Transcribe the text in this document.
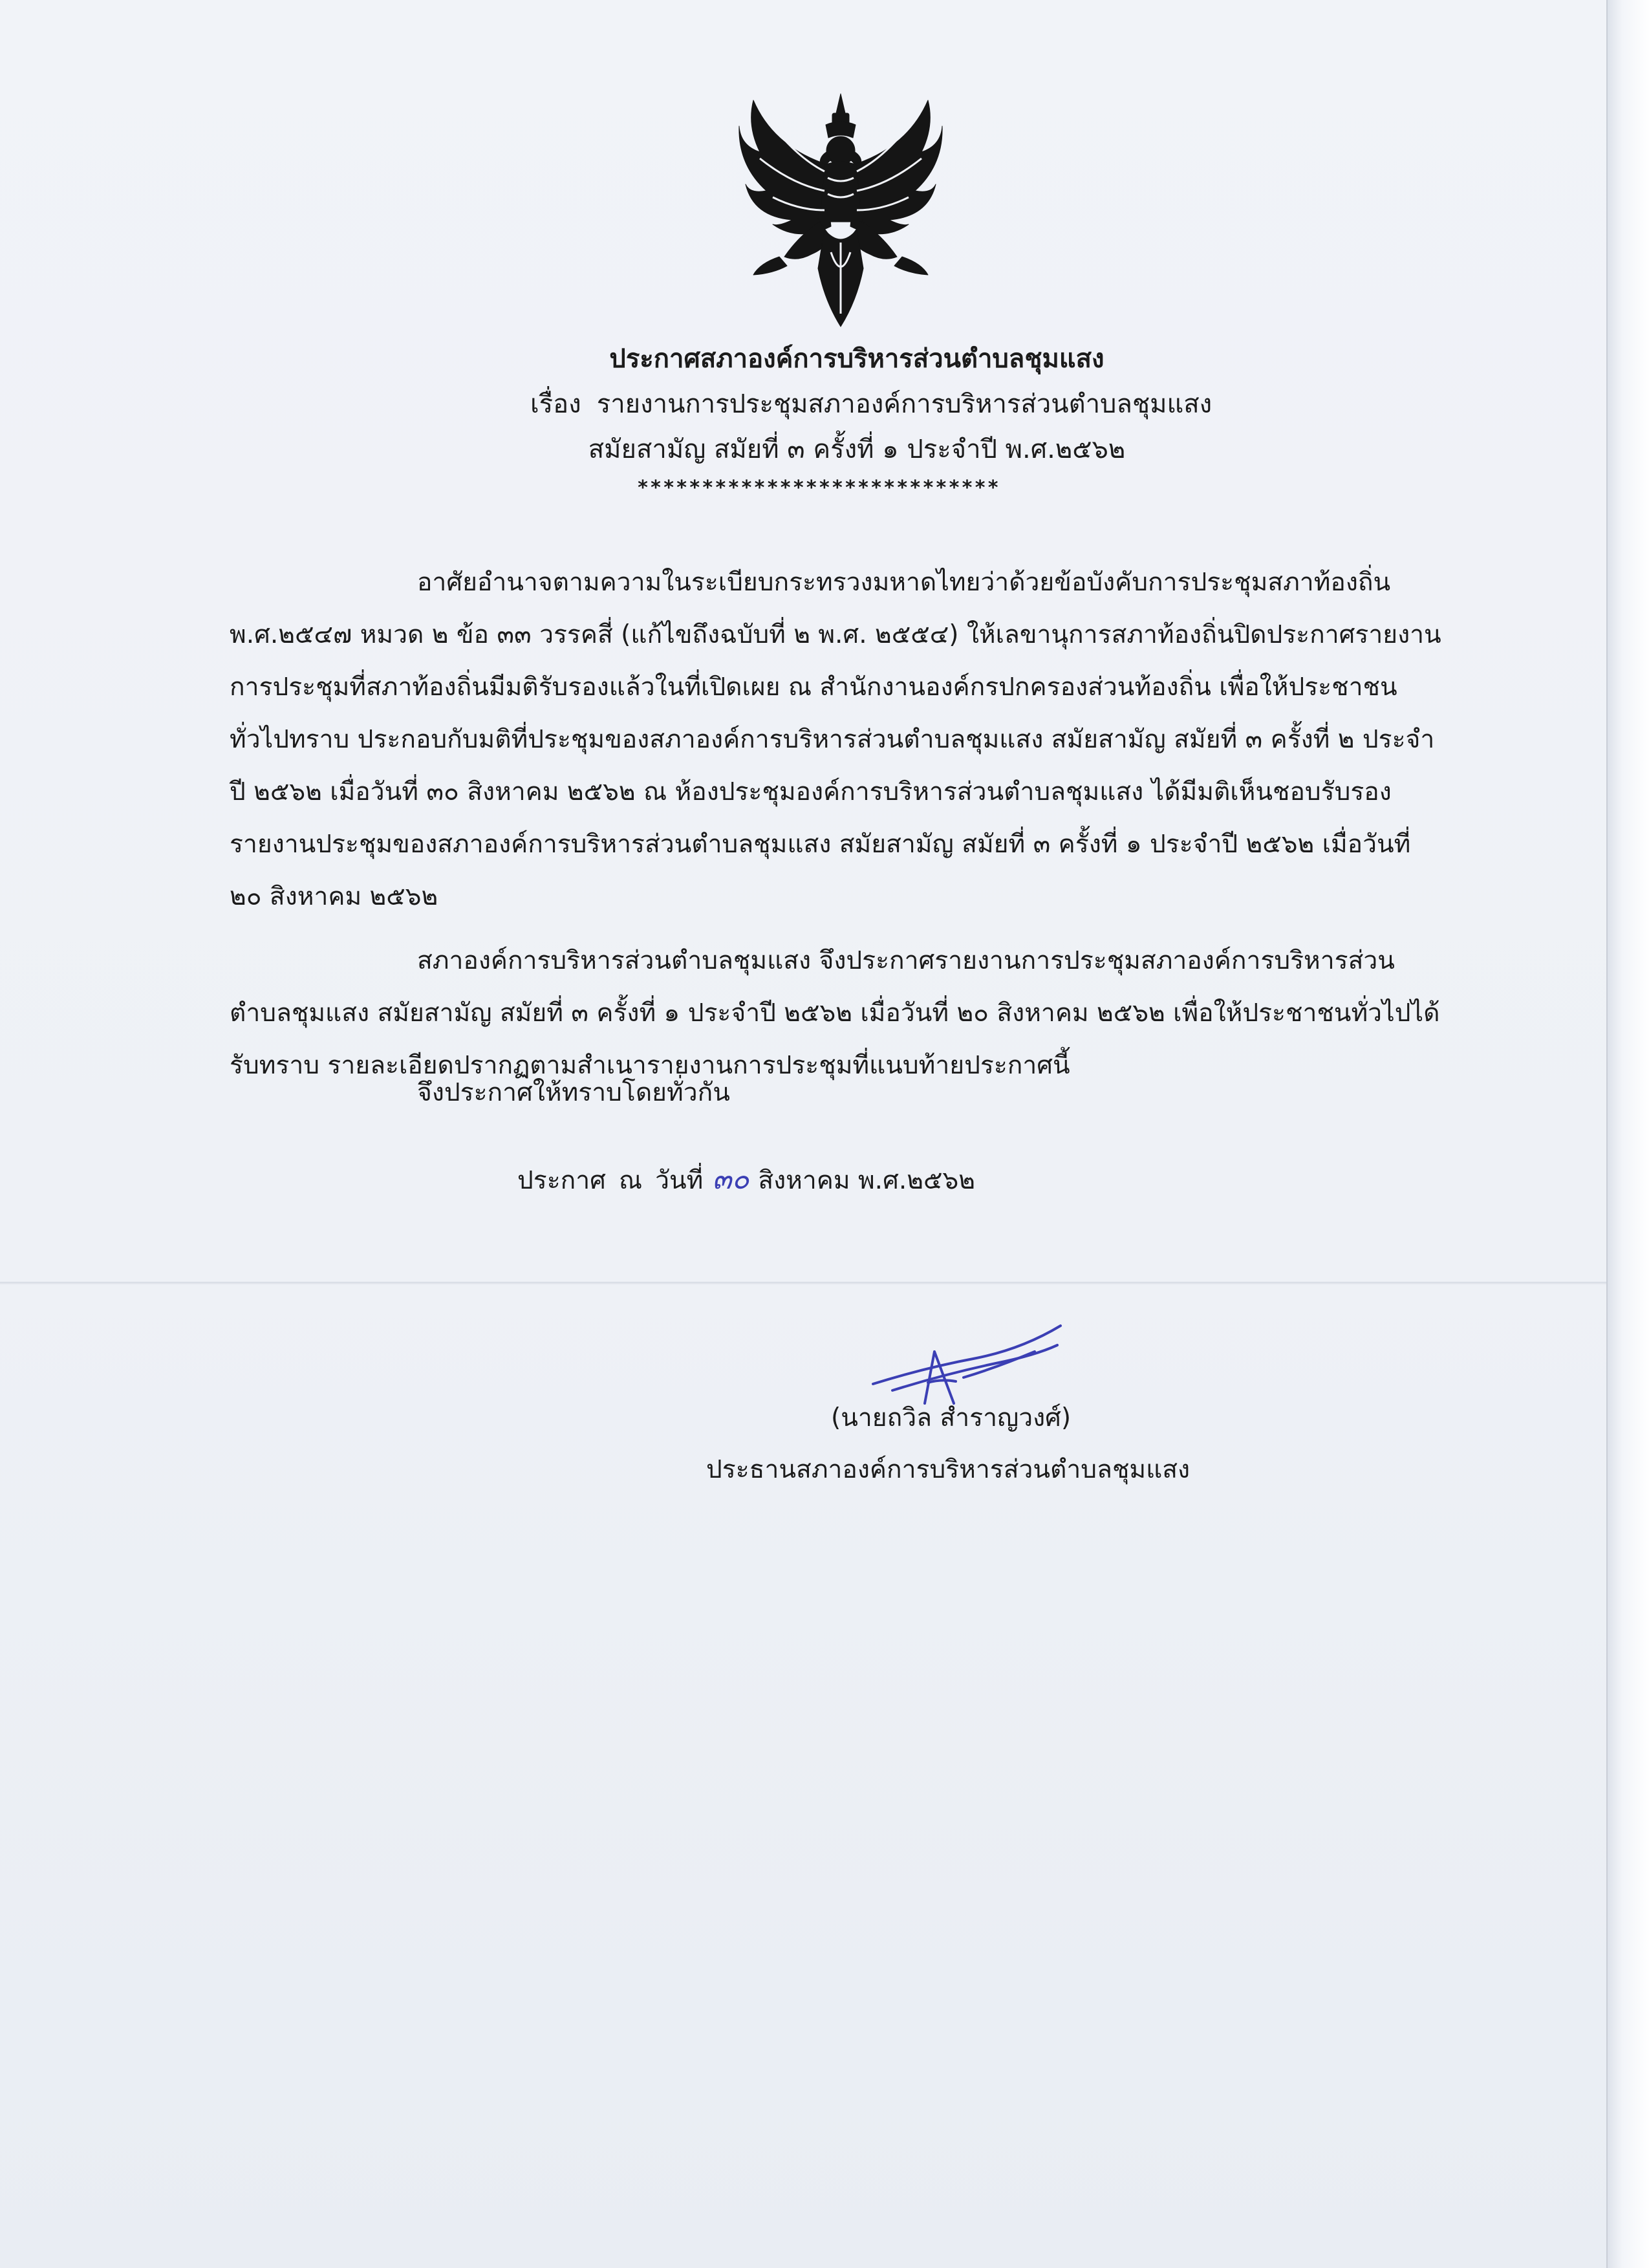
ประกาศสภาองค์การบริหารส่วนตำบลชุมแสง
เรื่อง รายงานการประชุมสภาองค์การบริหารส่วนตำบลชุมแสง
สมัยสามัญ สมัยที่ ๓ ครั้งที่ ๑ ประจำปี พ.ศ.๒๕๖๒
****************************

อาศัยอำนาจตามความในระเบียบกระทรวงมหาดไทยว่าด้วยข้อบังคับการประชุมสภาท้องถิ่น พ.ศ.๒๕๔๗ หมวด ๒ ข้อ ๓๓ วรรคสี่ (แก้ไขถึงฉบับที่ ๒ พ.ศ. ๒๕๕๔) ให้เลขานุการสภาท้องถิ่นปิดประกาศรายงานการประชุมที่สภาท้องถิ่นมีมติรับรองแล้วในที่เปิดเผย ณ สำนักงานองค์กรปกครองส่วนท้องถิ่น เพื่อให้ประชาชนทั่วไปทราบ ประกอบกับมติที่ประชุมของสภาองค์การบริหารส่วนตำบลชุมแสง สมัยสามัญ สมัยที่ ๓ ครั้งที่ ๒ ประจำปี ๒๕๖๒ เมื่อวันที่ ๓๐ สิงหาคม ๒๕๖๒ ณ ห้องประชุมองค์การบริหารส่วนตำบลชุมแสง ได้มีมติเห็นชอบรับรองรายงานประชุมของสภาองค์การบริหารส่วนตำบลชุมแสง สมัยสามัญ สมัยที่ ๓ ครั้งที่ ๑ ประจำปี ๒๕๖๒ เมื่อวันที่ ๒๐ สิงหาคม ๒๕๖๒

สภาองค์การบริหารส่วนตำบลชุมแสง จึงประกาศรายงานการประชุมสภาองค์การบริหารส่วนตำบลชุมแสง สมัยสามัญ สมัยที่ ๓ ครั้งที่ ๑ ประจำปี ๒๕๖๒ เมื่อวันที่ ๒๐ สิงหาคม ๒๕๖๒ เพื่อให้ประชาชนทั่วไปได้รับทราบ รายละเอียดปรากฏตามสำเนารายงานการประชุมที่แนบท้ายประกาศนี้

จึงประกาศให้ทราบโดยทั่วกัน
ประกาศ ณ วันที่ ๓๐ สิงหาคม พ.ศ.๒๕๖๒
(นายถวิล สำราญวงศ์)
ประธานสภาองค์การบริหารส่วนตำบลชุมแสง
